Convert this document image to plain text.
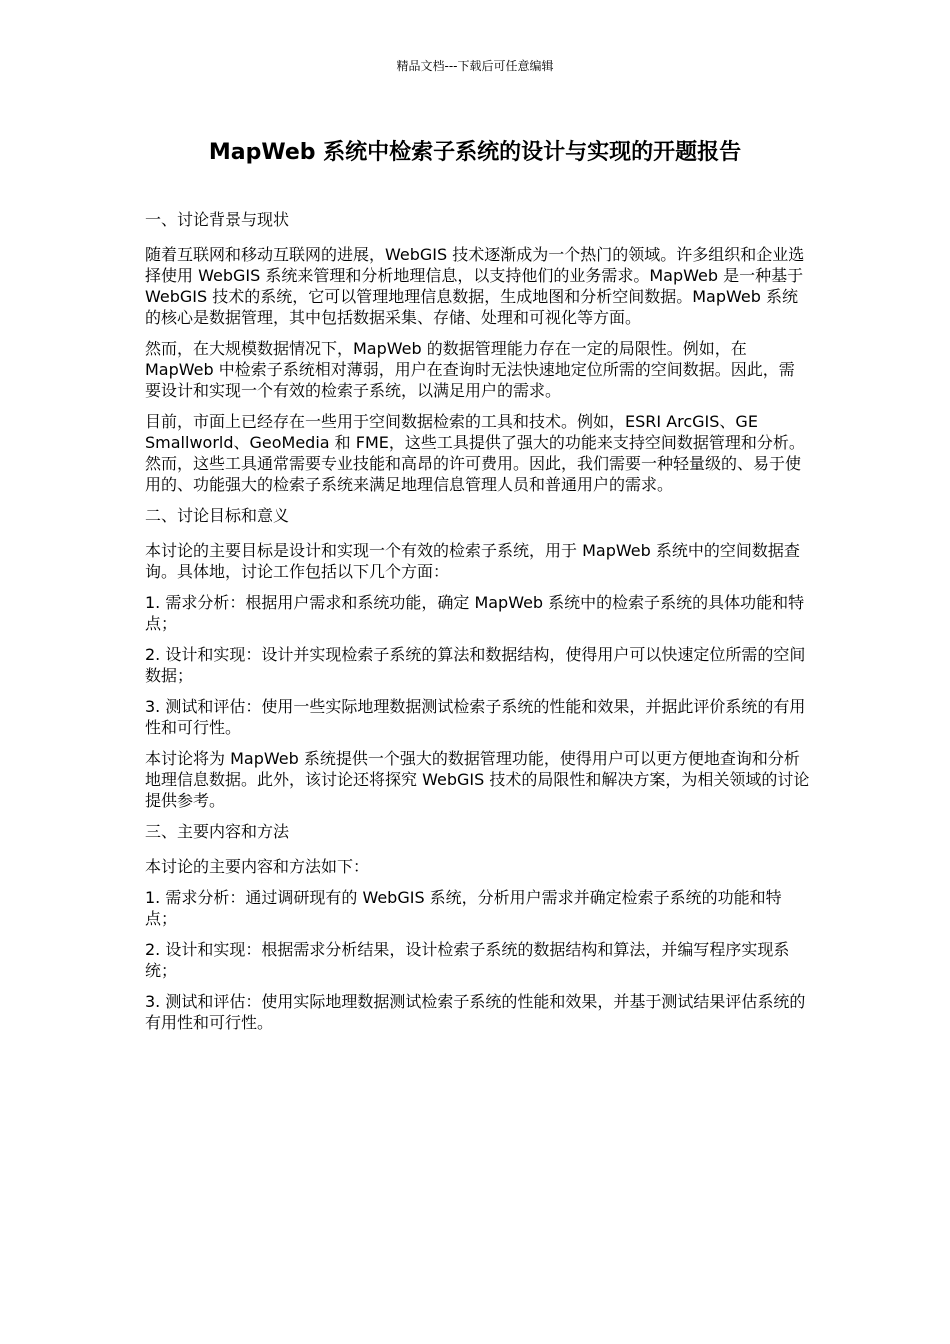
精品文档---下载后可任意编辑
MapWeb 系统中检索子系统的设计与实现的开题报告

一、讨论背景与现状

随着互联网和移动互联网的进展，WebGIS 技术逐渐成为一个热门的领域。许多组织和企业选择使用 WebGIS 系统来管理和分析地理信息，以支持他们的业务需求。MapWeb 是一种基于 WebGIS 技术的系统，它可以管理地理信息数据，生成地图和分析空间数据。MapWeb 系统的核心是数据管理，其中包括数据采集、存储、处理和可视化等方面。

然而，在大规模数据情况下，MapWeb 的数据管理能力存在一定的局限性。例如，在 MapWeb 中检索子系统相对薄弱，用户在查询时无法快速地定位所需的空间数据。因此，需要设计和实现一个有效的检索子系统，以满足用户的需求。

目前，市面上已经存在一些用于空间数据检索的工具和技术。例如，ESRI ArcGIS、GE Smallworld、GeoMedia 和 FME，这些工具提供了强大的功能来支持空间数据管理和分析。然而，这些工具通常需要专业技能和高昂的许可费用。因此，我们需要一种轻量级的、易于使用的、功能强大的检索子系统来满足地理信息管理人员和普通用户的需求。

二、讨论目标和意义

本讨论的主要目标是设计和实现一个有效的检索子系统，用于 MapWeb 系统中的空间数据查询。具体地，讨论工作包括以下几个方面：

1. 需求分析：根据用户需求和系统功能，确定 MapWeb 系统中的检索子系统的具体功能和特点；

2. 设计和实现：设计并实现检索子系统的算法和数据结构，使得用户可以快速定位所需的空间数据；

3. 测试和评估：使用一些实际地理数据测试检索子系统的性能和效果，并据此评价系统的有用性和可行性。

本讨论将为 MapWeb 系统提供一个强大的数据管理功能，使得用户可以更方便地查询和分析地理信息数据。此外，该讨论还将探究 WebGIS 技术的局限性和解决方案，为相关领域的讨论提供参考。

三、主要内容和方法

本讨论的主要内容和方法如下：

1. 需求分析：通过调研现有的 WebGIS 系统，分析用户需求并确定检索子系统的功能和特点；

2. 设计和实现：根据需求分析结果，设计检索子系统的数据结构和算法，并编写程序实现系统；

3. 测试和评估：使用实际地理数据测试检索子系统的性能和效果，并基于测试结果评估系统的有用性和可行性。
